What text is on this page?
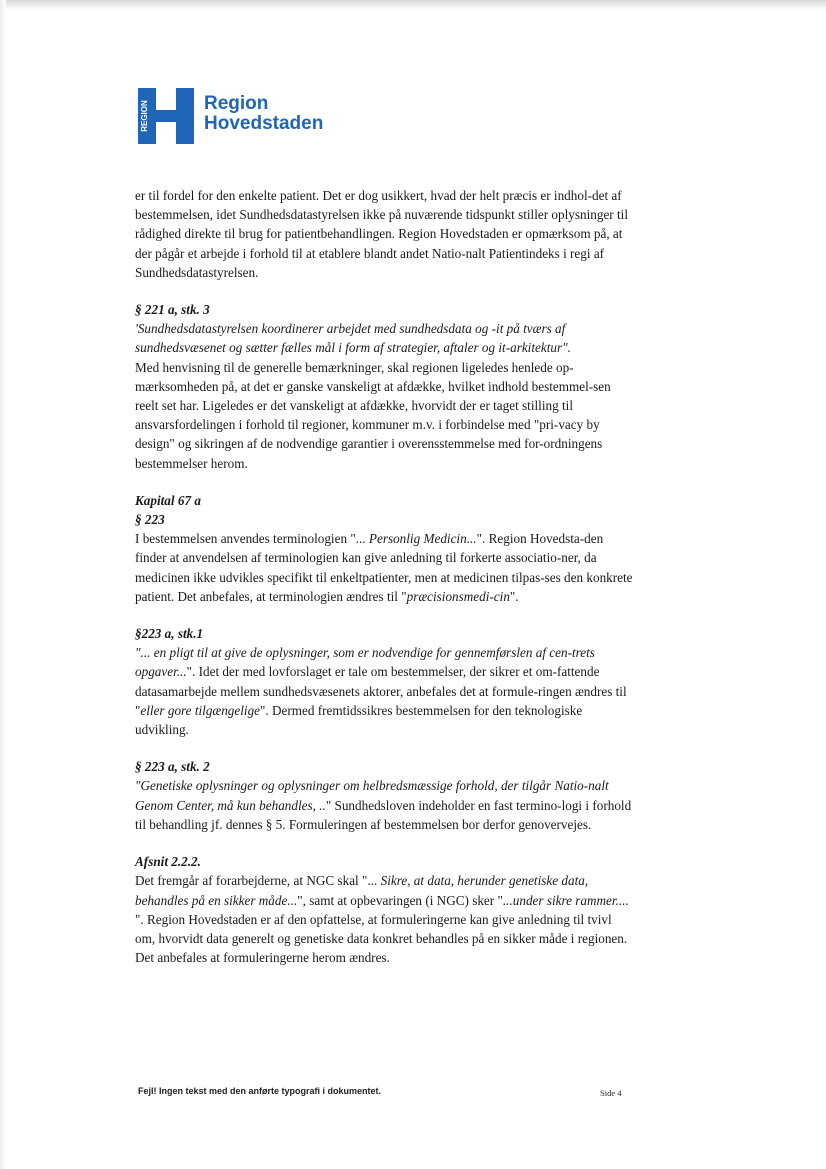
REGION	Region
Hovedstaden

er til fordel for den enkelte patient. Det er dog usikkert, hvad der helt præcis er indhol-det af bestemmelsen, idet Sundhedsdatastyrelsen ikke på nuværende tidspunkt stiller oplysninger til rådighed direkte til brug for patientbehandlingen. Region Hovedstaden er opmærksom på, at der pågår et arbejde i forhold til at etablere blandt andet Natio-nalt Patientindeks i regi af Sundhedsdatastyrelsen.

§ 221 a, stk. 3

'Sundhedsdatastyrelsen koordinerer arbejdet med sundhedsdata og -it på tværs af sundhedsvæsenet og sætter fælles mål i form af strategier, aftaler og it-arkitektur".

Med henvisning til de generelle bemærkninger, skal regionen ligeledes henlede op-mærksomheden på, at det er ganske vanskeligt at afdække, hvilket indhold bestemmel-sen reelt set har. Ligeledes er det vanskeligt at afdække, hvorvidt der er taget stilling til ansvarsfordelingen i forhold til regioner, kommuner m.v. i forbindelse med "pri-vacy by design" og sikringen af de nodvendige garantier i overensstemmelse med for-ordningens bestemmelser herom.

Kapital 67 a

§ 223

I bestemmelsen anvendes terminologien "... Personlig Medicin...". Region Hovedsta-den finder at anvendelsen af terminologien kan give anledning til forkerte associatio-ner, da medicinen ikke udvikles specifikt til enkeltpatienter, men at medicinen tilpas-ses den konkrete patient. Det anbefales, at terminologien ændres til "præcisionsmedi-cin".

§223 a, stk.1

"... en pligt til at give de oplysninger, som er nodvendige for gennemførslen af cen-trets opgaver...". Idet der med lovforslaget er tale om bestemmelser, der sikrer et om-fattende datasamarbejde mellem sundhedsvæsenets aktorer, anbefales det at formule-ringen ændres til "eller gore tilgængelige". Dermed fremtidssikres bestemmelsen for den teknologiske udvikling.

§ 223 a, stk. 2

"Genetiske oplysninger og oplysninger om helbredsmæssige forhold, der tilgår Natio-nalt Genom Center, må kun behandles, .." Sundhedsloven indeholder en fast termino-logi i forhold til behandling jf. dennes § 5. Formuleringen af bestemmelsen bor derfor genovervejes.

Afsnit 2.2.2.

Det fremgår af forarbejderne, at NGC skal "... Sikre, at data, herunder genetiske data, behandles på en sikker måde...", samt at opbevaringen (i NGC) sker "...under sikre rammer.... ". Region Hovedstaden er af den opfattelse, at formuleringerne kan give anledning til tvivl om, hvorvidt data generelt og genetiske data konkret behandles på en sikker måde i regionen. Det anbefales at formuleringerne herom ændres.

Fejl! Ingen tekst med den anførte typografi i dokumentet.	Side 4
